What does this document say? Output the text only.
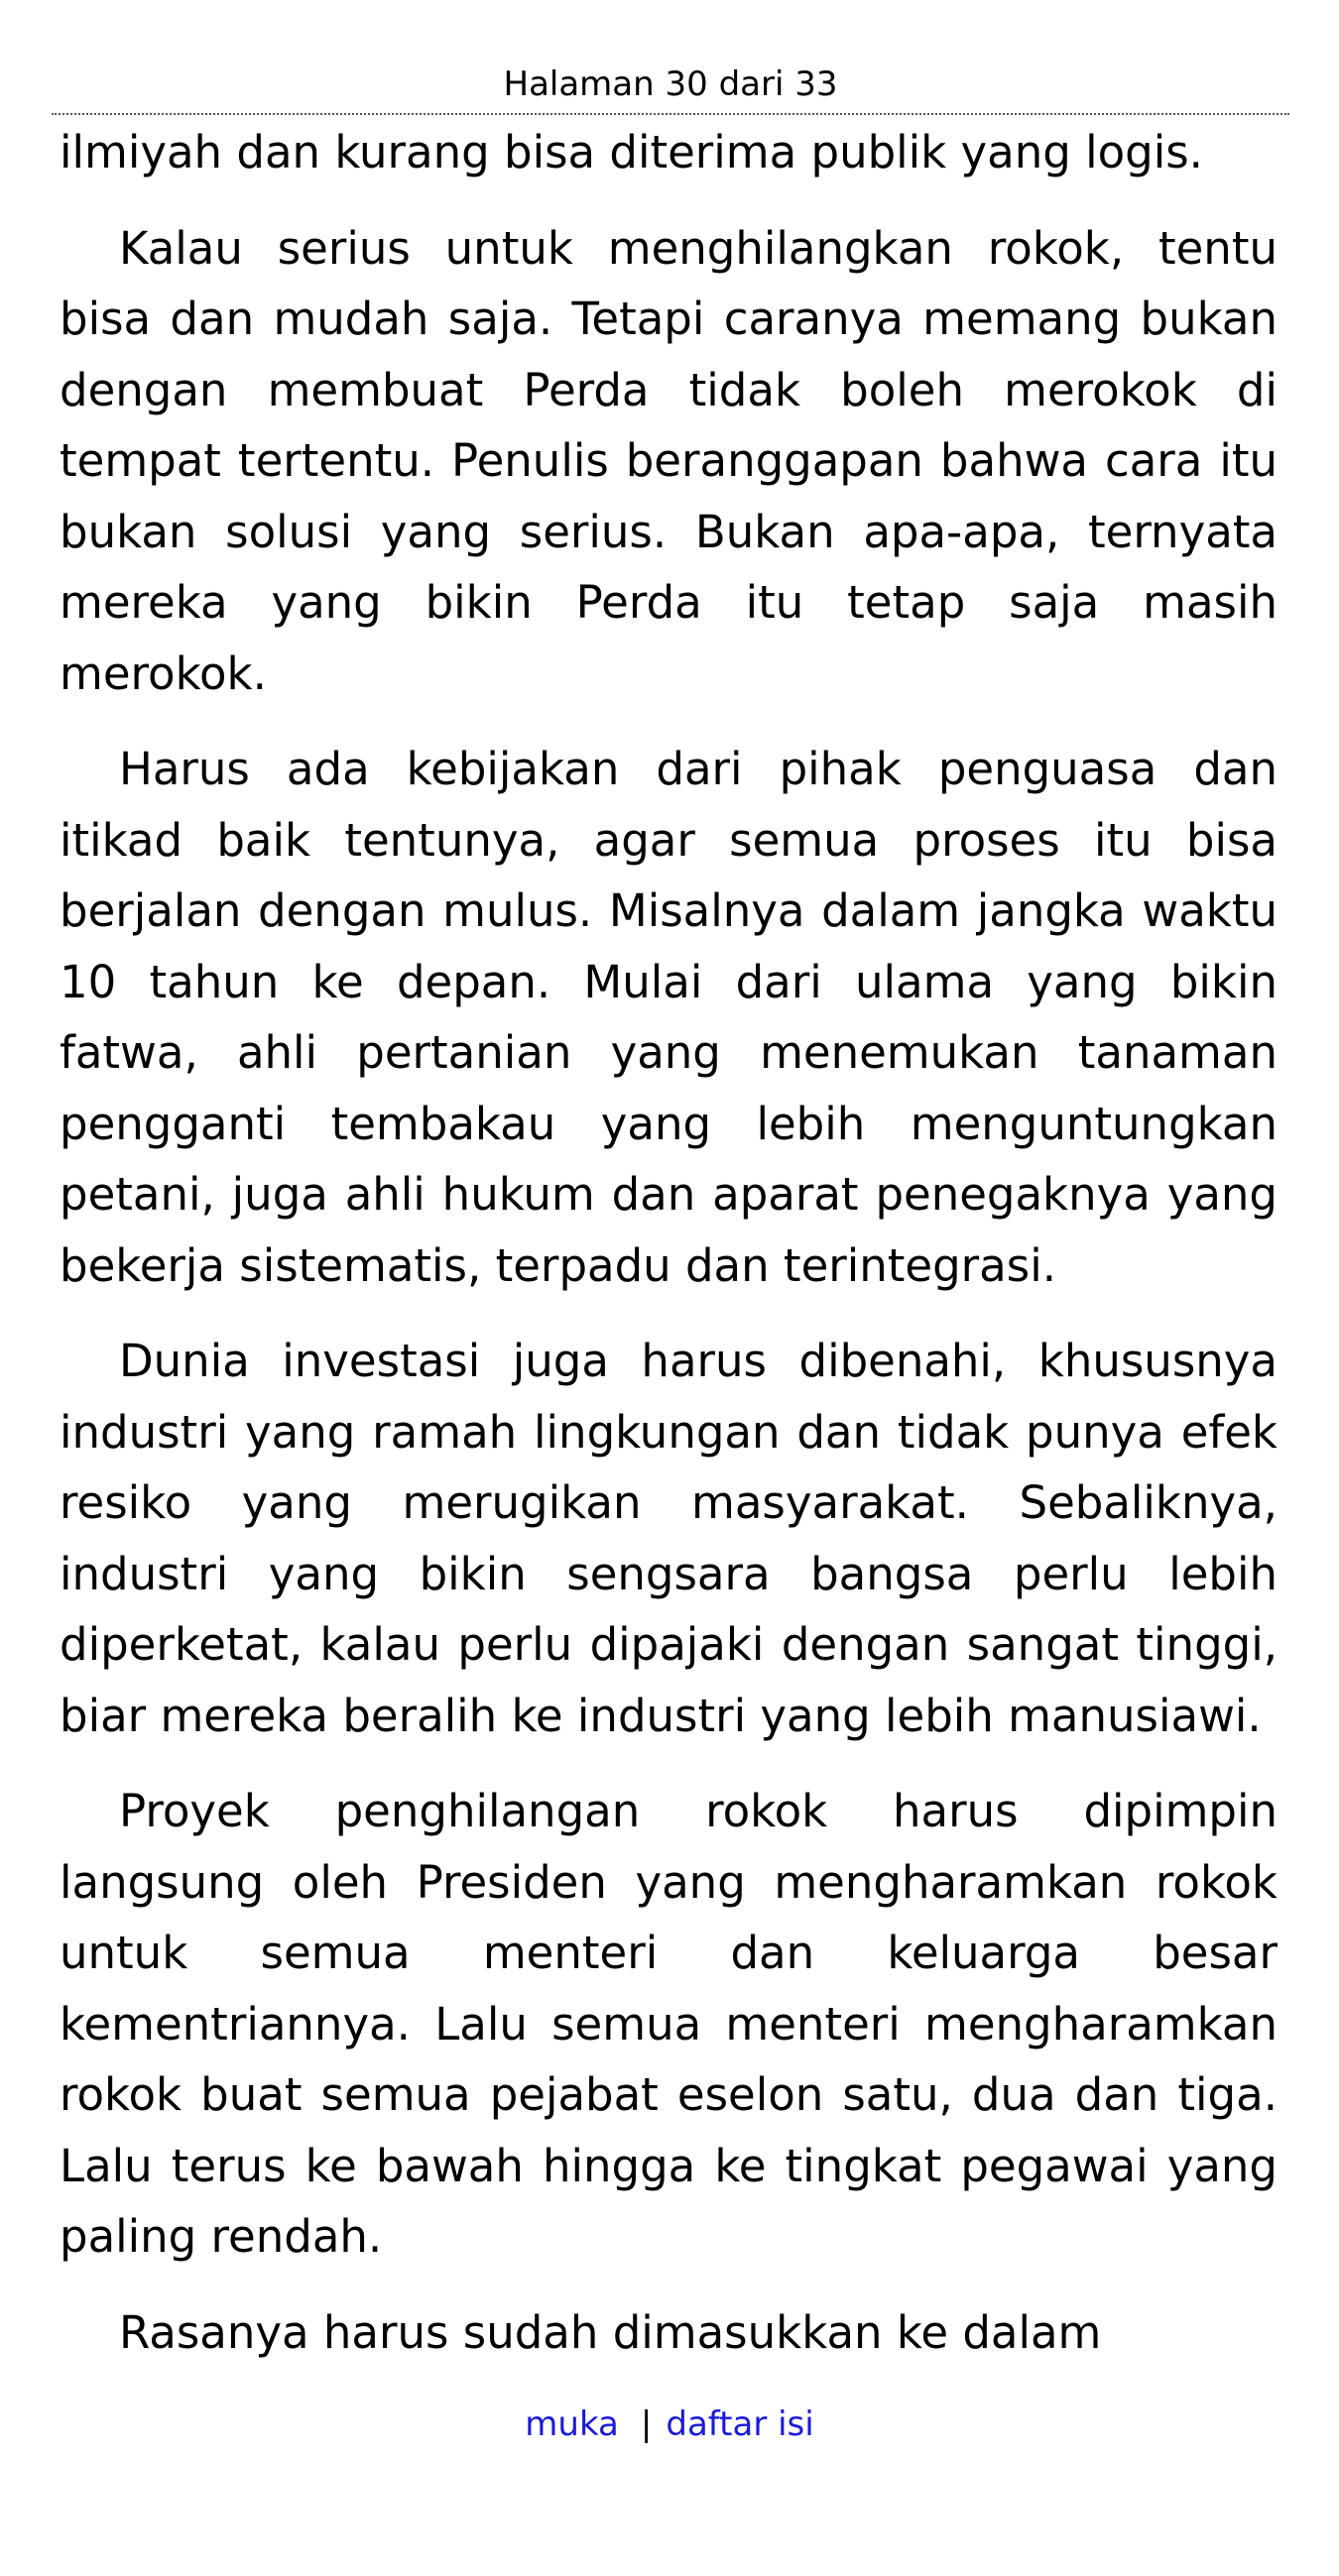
Halaman 30 dari 33

ilmiyah dan kurang bisa diterima publik yang logis.

Kalau serius untuk menghilangkan rokok, tentu bisa dan mudah saja. Tetapi caranya memang bukan dengan membuat Perda tidak boleh merokok di tempat tertentu. Penulis beranggapan bahwa cara itu bukan solusi yang serius. Bukan apa-apa, ternyata mereka yang bikin Perda itu tetap saja masih merokok.

Harus ada kebijakan dari pihak penguasa dan itikad baik tentunya, agar semua proses itu bisa berjalan dengan mulus. Misalnya dalam jangka waktu 10 tahun ke depan. Mulai dari ulama yang bikin fatwa, ahli pertanian yang menemukan tanaman pengganti tembakau yang lebih menguntungkan petani, juga ahli hukum dan aparat penegaknya yang bekerja sistematis, terpadu dan terintegrasi.

Dunia investasi juga harus dibenahi, khususnya industri yang ramah lingkungan dan tidak punya efek resiko yang merugikan masyarakat. Sebaliknya, industri yang bikin sengsara bangsa perlu lebih diperketat, kalau perlu dipajaki dengan sangat tinggi, biar mereka beralih ke industri yang lebih manusiawi.

Proyek penghilangan rokok harus dipimpin langsung oleh Presiden yang mengharamkan rokok untuk semua menteri dan keluarga besar kementriannya. Lalu semua menteri mengharamkan rokok buat semua pejabat eselon satu, dua dan tiga. Lalu terus ke bawah hingga ke tingkat pegawai yang paling rendah.

Rasanya harus sudah dimasukkan ke dalam

muka | daftar isi
